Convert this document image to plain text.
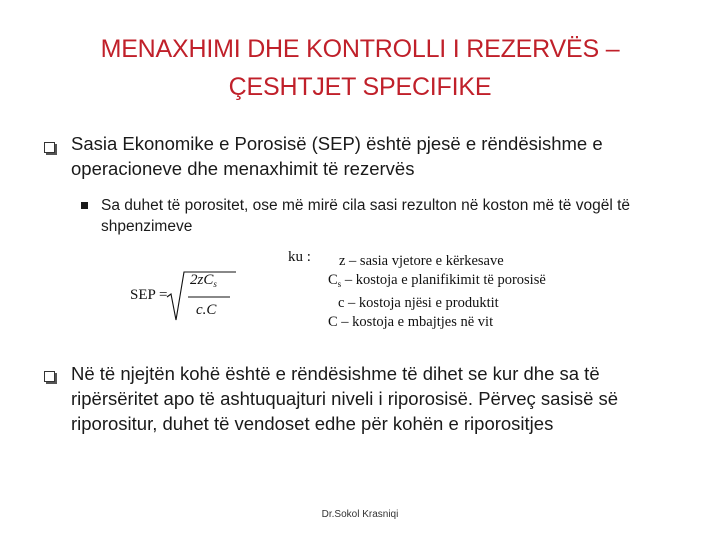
MENAXHIMI DHE KONTROLLI I REZERVËS –
ÇESHTJET SPECIFIKE
Sasia Ekonomike e Porosisë (SEP) është pjesë e rëndësishme e operacioneve dhe menaxhimit të rezervës
Sa duhet të porositet, ose më mirë cila sasi rezulton në koston më të vogël të shpenzimeve
SEP =
$2zC_s$
c.C
ku :	z – sasia vjetore e kërkesave
$C_s$ – kostoja e planifikimit të porosisë
c – kostoja njësi e produktit
C – kostoja e mbajtjes në vit
Në të njejtën kohë është e rëndësishme të dihet se kur dhe sa të ripërsëritet apo të ashtuquajturi niveli i riporosisë. Përveç sasisë së riporositur, duhet të vendoset edhe për kohën e riporositjes
Dr.Sokol Krasniqi
